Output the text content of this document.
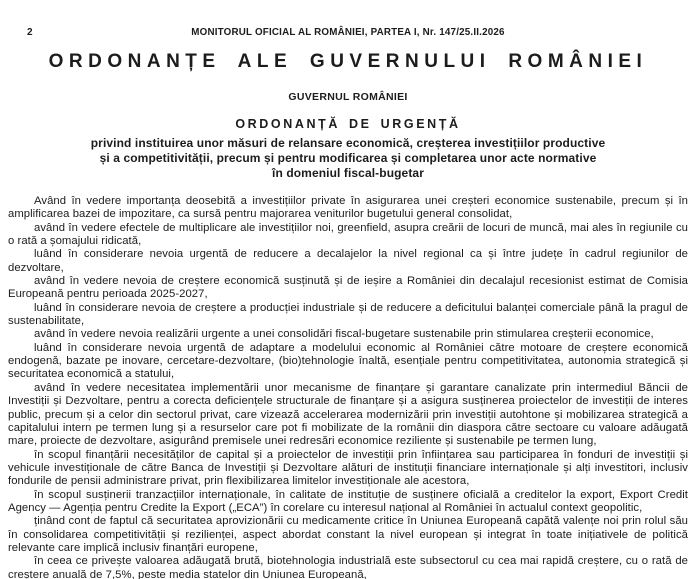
2	MONITORUL OFICIAL AL ROMÂNIEI, PARTEA I, Nr. 147/25.II.2026
ORDONANȚE ALE GUVERNULUI ROMÂNIEI
GUVERNUL ROMÂNIEI
ORDONANȚĂ DE URGENȚĂ
privind instituirea unor măsuri de relansare economică, creșterea investițiilor productive
și a competitivității, precum și pentru modificarea și completarea unor acte normative
în domeniul fiscal-bugetar

Având în vedere importanța deosebită a investițiilor private în asigurarea unei creșteri economice sustenabile, precum și în amplificarea bazei de impozitare, ca sursă pentru majorarea veniturilor bugetului general consolidat,

având în vedere efectele de multiplicare ale investițiilor noi, greenfield, asupra creării de locuri de muncă, mai ales în regiunile cu o rată a șomajului ridicată,

luând în considerare nevoia urgentă de reducere a decalajelor la nivel regional ca și între județe în cadrul regiunilor de dezvoltare,

având în vedere nevoia de creștere economică susținută și de ieșire a României din decalajul recesionist estimat de Comisia Europeană pentru perioada 2025-2027,

luând în considerare nevoia de creștere a producției industriale și de reducere a deficitului balanței comerciale până la pragul de sustenabilitate,

având în vedere nevoia realizării urgente a unei consolidări fiscal-bugetare sustenabile prin stimularea creșterii economice,

luând în considerare nevoia urgentă de adaptare a modelului economic al României către motoare de creștere economică endogenă, bazate pe inovare, cercetare-dezvoltare, (bio)tehnologie înaltă, esențiale pentru competitivitatea, autonomia strategică și securitatea economică a statului,

având în vedere necesitatea implementării unor mecanisme de finanțare și garantare canalizate prin intermediul Băncii de Investiții și Dezvoltare, pentru a corecta deficiențele structurale de finanțare și a asigura susținerea proiectelor de investiții de interes public, precum și a celor din sectorul privat, care vizează accelerarea modernizării prin investiții autohtone și mobilizarea strategică a capitalului intern pe termen lung și a resurselor care pot fi mobilizate de la românii din diaspora către sectoare cu valoare adăugată mare, proiecte de dezvoltare, asigurând premisele unei redresări economice reziliente și sustenabile pe termen lung,

în scopul finanțării necesităților de capital și a proiectelor de investiții prin înființarea sau participarea în fonduri de investiții și vehicule investiționale de către Banca de Investiții și Dezvoltare alături de instituții financiare internaționale și alți investitori, inclusiv fondurile de pensii administrare privat, prin flexibilizarea limitelor investiționale ale acestora,

în scopul susținerii tranzacțiilor internaționale, în calitate de instituție de susținere oficială a creditelor la export, Export Credit Agency — Agenția pentru Credite la Export („ECA”) în corelare cu interesul național al României în actualul context geopolitic,

ținând cont de faptul că securitatea aprovizionării cu medicamente critice în Uniunea Europeană capătă valențe noi prin rolul său în consolidarea competitivității și rezilienței, aspect abordat constant la nivel european și integrat în toate inițiativele de politică relevante care implică inclusiv finanțări europene,

în ceea ce privește valoarea adăugată brută, biotehnologia industrială este subsectorul cu cea mai rapidă creștere, cu o rată de creștere anuală de 7,5%, peste media statelor din Uniunea Europeană,
